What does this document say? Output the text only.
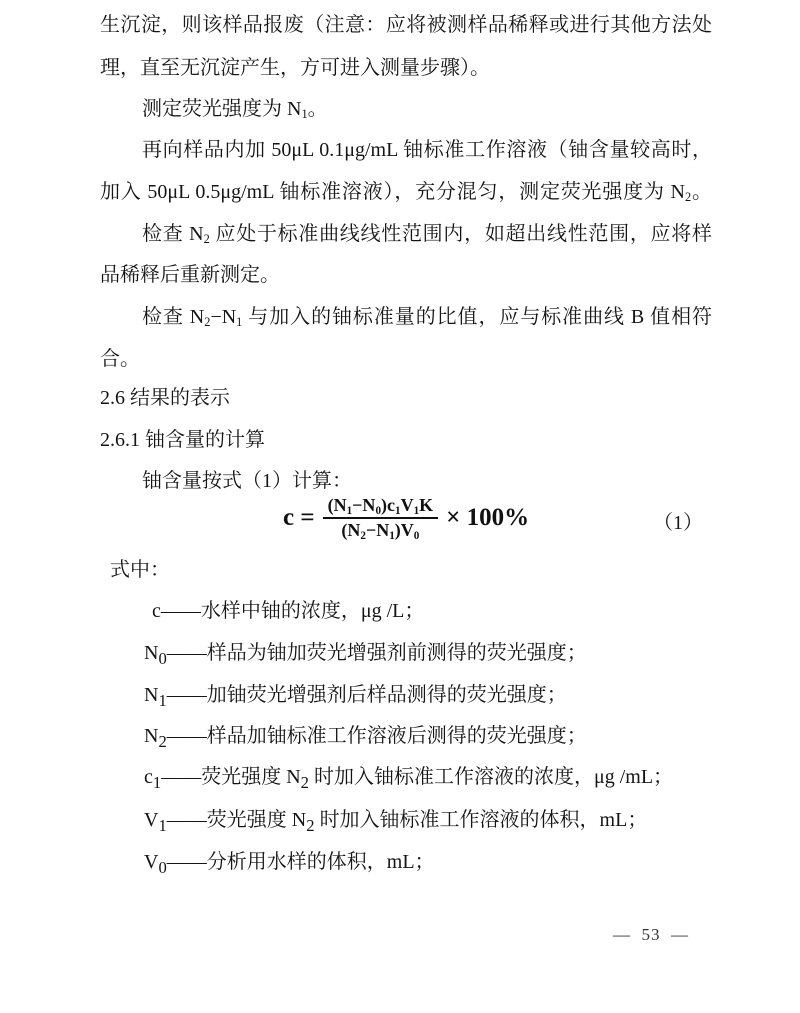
生沉淀，则该样品报废（注意：应将被测样品稀释或进行其他方法处
理，直至无沉淀产生，方可进入测量步骤）。
测定荧光强度为 $N_1$。
再向样品内加 50μL 0.1μg/mL 铀标准工作溶液（铀含量较高时，
加入 50μL 0.5μg/mL 铀标准溶液），充分混匀，测定荧光强度为 $N_2$。
检查 $N_2$ 应处于标准曲线线性范围内，如超出线性范围，应将样
品稀释后重新测定。
检查 $N_2-N_1$ 与加入的铀标准量的比值，应与标准曲线 B 值相符
合。
2.6 结果的表示
2.6.1 铀含量的计算
铀含量按式（1）计算：
$c = \frac{(N_1-N_0)c_1V_1K}{(N_2-N_1)V_0} \times 100\%$	（1）
式中：
c——水样中铀的浓度，μg /L；
$N_0——$样品为铀加荧光增强剂前测得的荧光强度；
$N_1——$加铀荧光增强剂后样品测得的荧光强度；
$N_2——$样品加铀标准工作溶液后测得的荧光强度；
$c_1——$荧光强度 $N_2$ 时加入铀标准工作溶液的浓度，μg /mL；
$V_1——$荧光强度 $N_2$ 时加入铀标准工作溶液的体积，mL；
$V_0——$分析用水样的体积，mL；
—  53  —
